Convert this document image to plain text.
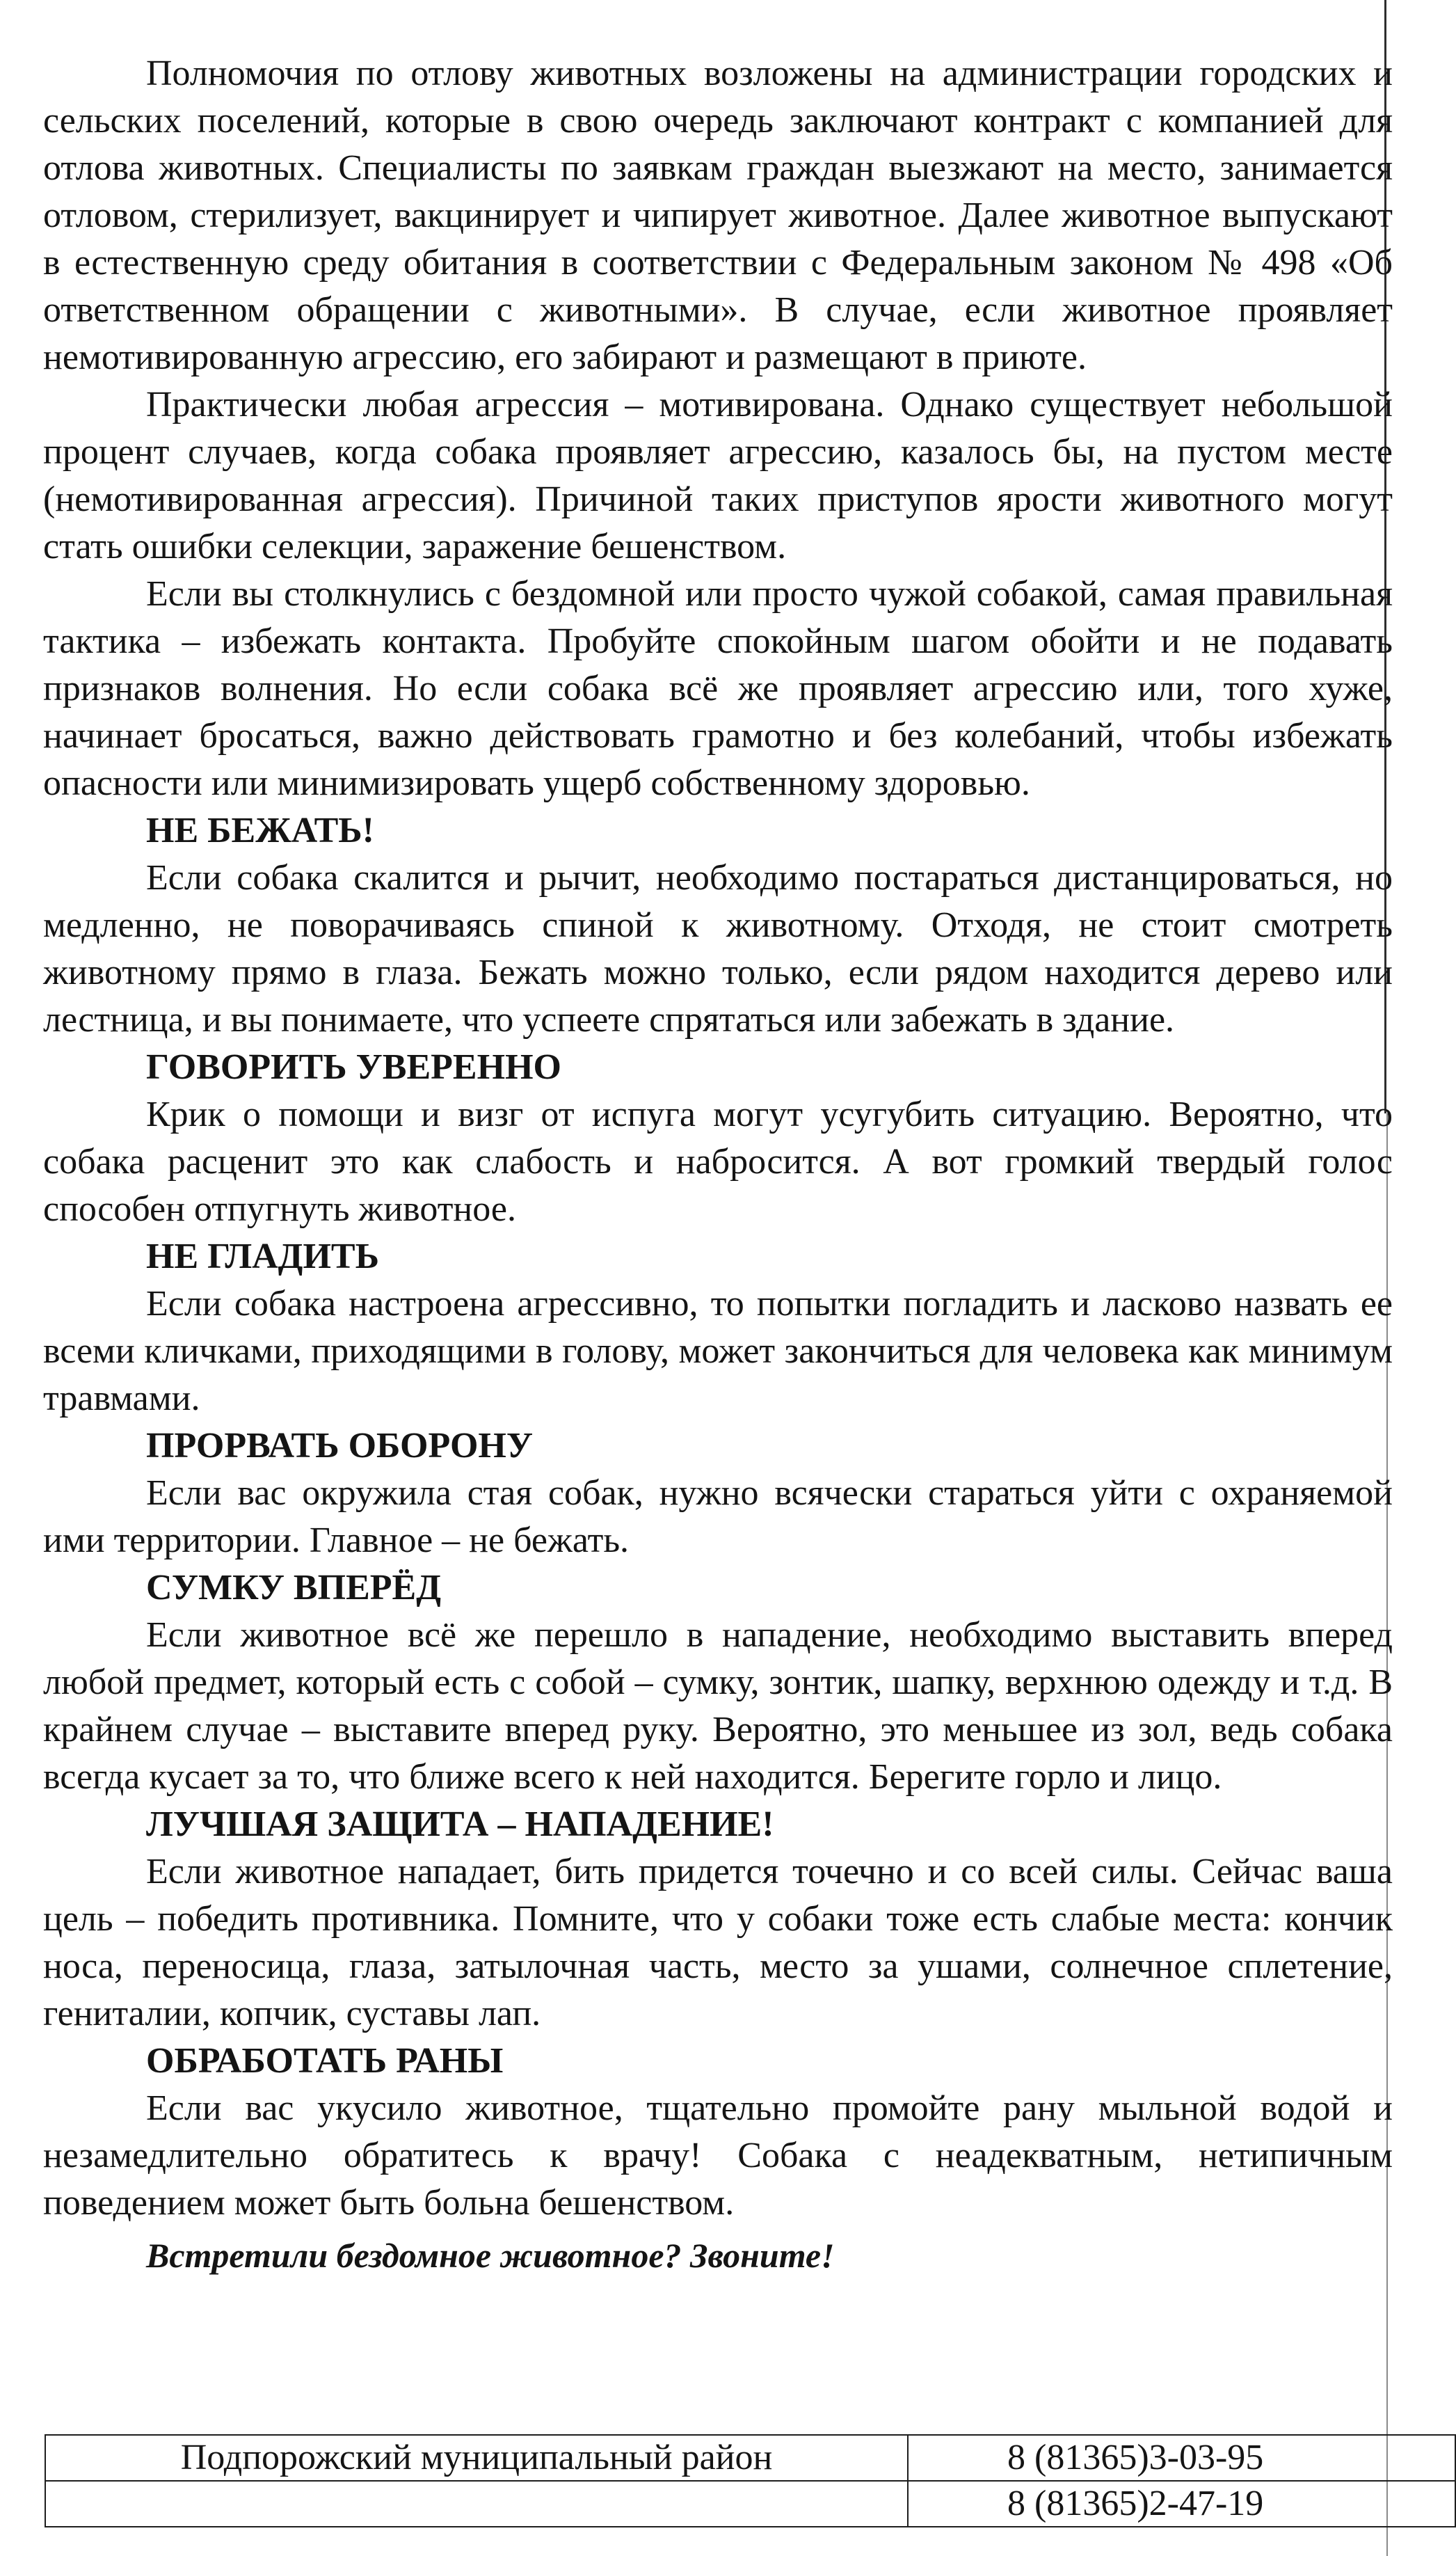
Полномочия по отлову животных возложены на администрации городских и сельских поселений, которые в свою очередь заключают контракт с компанией для отлова животных. Специалисты по заявкам граждан выезжают на место, занимается отловом, стерилизует, вакцинирует и чипирует животное. Далее животное выпускают в естественную среду обитания в соответствии с Федеральным законом № 498 «Об ответственном обращении с животными». В случае, если животное проявляет немотивированную агрессию, его забирают и размещают в приюте.

Практически любая агрессия – мотивирована. Однако существует небольшой процент случаев, когда собака проявляет агрессию, казалось бы, на пустом месте (немотивированная агрессия). Причиной таких приступов ярости животного могут стать ошибки селекции, заражение бешенством.

Если вы столкнулись с бездомной или просто чужой собакой, самая правильная тактика – избежать контакта. Пробуйте спокойным шагом обойти и не подавать признаков волнения. Но если собака всё же проявляет агрессию или, того хуже, начинает бросаться, важно действовать грамотно и без колебаний, чтобы избежать опасности или минимизировать ущерб собственному здоровью.

НЕ БЕЖАТЬ!

Если собака скалится и рычит, необходимо постараться дистанцироваться, но медленно, не поворачиваясь спиной к животному. Отходя, не стоит смотреть животному прямо в глаза. Бежать можно только, если рядом находится дерево или лестница, и вы понимаете, что успеете спрятаться или забежать в здание.

ГОВОРИТЬ УВЕРЕННО

Крик о помощи и визг от испуга могут усугубить ситуацию. Вероятно, что собака расценит это как слабость и набросится. А вот громкий твердый голос способен отпугнуть животное.

НЕ ГЛАДИТЬ

Если собака настроена агрессивно, то попытки погладить и ласково назвать ее всеми кличками, приходящими в голову, может закончиться для человека как минимум травмами.

ПРОРВАТЬ ОБОРОНУ

Если вас окружила стая собак, нужно всячески стараться уйти с охраняемой ими территории. Главное – не бежать.

СУМКУ ВПЕРЁД

Если животное всё же перешло в нападение, необходимо выставить вперед любой предмет, который есть с собой – сумку, зонтик, шапку, верхнюю одежду и т.д. В крайнем случае – выставите вперед руку. Вероятно, это меньшее из зол, ведь собака всегда кусает за то, что ближе всего к ней находится. Берегите горло и лицо.

ЛУЧШАЯ ЗАЩИТА – НАПАДЕНИЕ!

Если животное нападает, бить придется точечно и со всей силы. Сейчас ваша цель – победить противника. Помните, что у собаки тоже есть слабые места: кончик носа, переносица, глаза, затылочная часть, место за ушами, солнечное сплетение, гениталии, копчик, суставы лап.

ОБРАБОТАТЬ РАНЫ

Если вас укусило животное, тщательно промойте рану мыльной водой и незамедлительно обратитесь к врачу! Собака с неадекватным, нетипичным поведением может быть больна бешенством.

Встретили бездомное животное? Звоните!

Подпорожский муниципальный район	8 (81365)3-03-95
	8 (81365)2-47-19
